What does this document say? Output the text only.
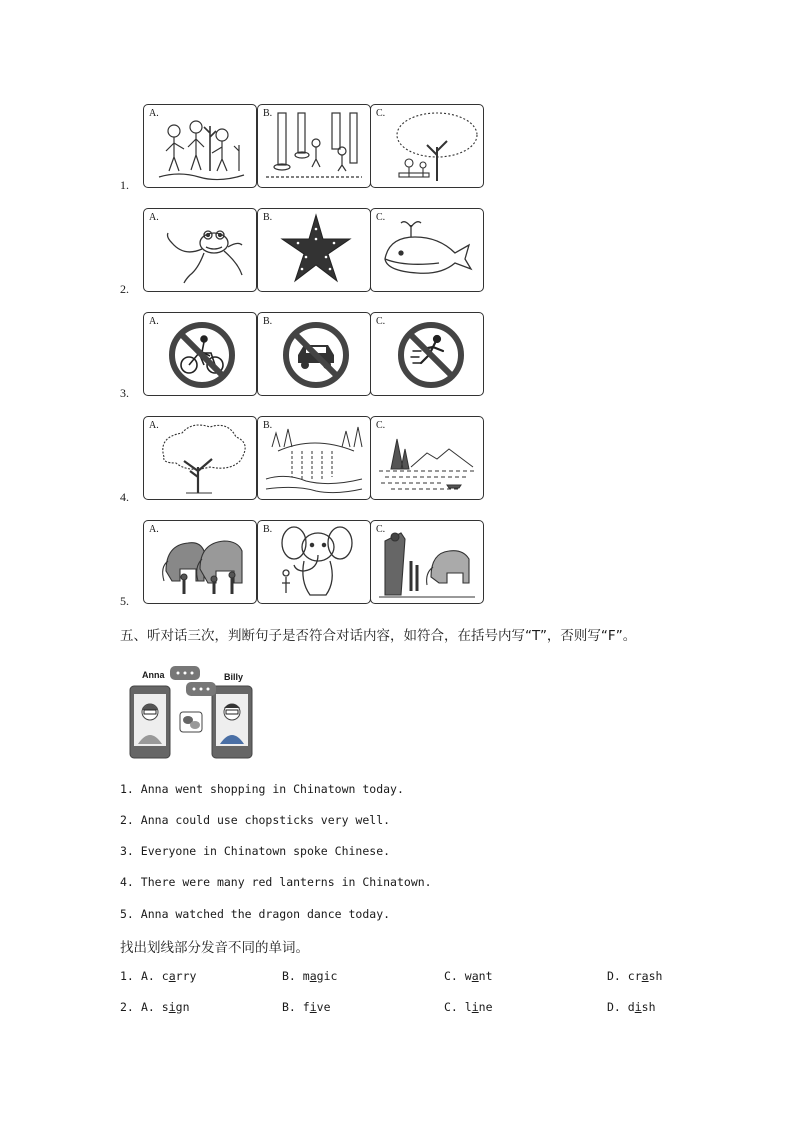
1.
A.	B.	C.
2.
A.	B.	C.
3.
A.	B.	C.
4.
A.	B.	C.
5.
A.	B.	C.
五、听对话三次，判断句子是否符合对话内容，如符合，在括号内写“T”，否则写“F”。
Anna	Billy
1. Anna went shopping in Chinatown today.
2. Anna could use chopsticks very well.
3. Everyone in Chinatown spoke Chinese.
4. There were many red lanterns in Chinatown.
5. Anna watched the dragon dance today.
找出划线部分发音不同的单词。
1. A. carry	B. magic	C. want	D. crash
2. A. sign	B. five	C. line	D. dish
